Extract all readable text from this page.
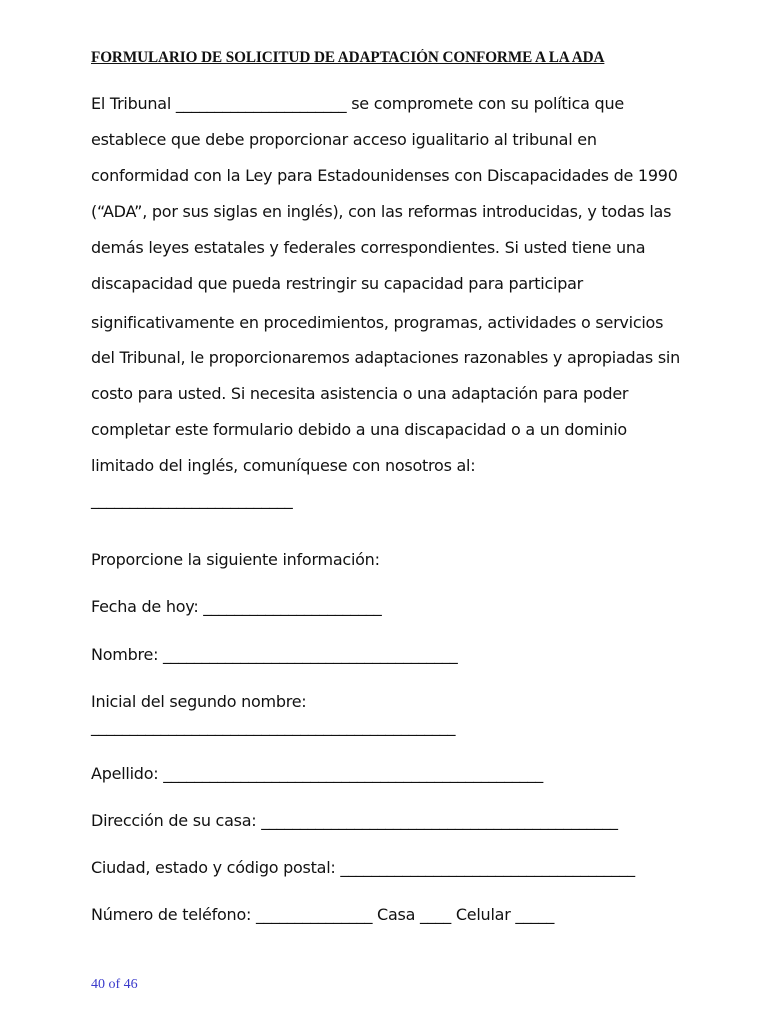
FORMULARIO DE SOLICITUD DE ADAPTACIÓN CONFORME A LA ADA
El Tribunal ______________________ se compromete con su política que
establece que debe proporcionar acceso igualitario al tribunal en
conformidad con la Ley para Estadounidenses con Discapacidades de 1990
(“ADA”, por sus siglas en inglés), con las reformas introducidas, y todas las
demás leyes estatales y federales correspondientes. Si usted tiene una
discapacidad que pueda restringir su capacidad para participar
significativamente en procedimientos, programas, actividades o servicios
del Tribunal, le proporcionaremos adaptaciones razonables y apropiadas sin
costo para usted. Si necesita asistencia o una adaptación para poder
completar este formulario debido a una discapacidad o a un dominio
limitado del inglés, comuníquese con nosotros al:
__________________________
Proporcione la siguiente información:
Fecha de hoy: _______________________
Nombre: ______________________________________
Inicial del segundo nombre:
_______________________________________________
Apellido: _________________________________________________
Dirección de su casa: ______________________________________________
Ciudad, estado y código postal: ______________________________________
Número de teléfono: _______________ Casa ____ Celular _____
40 of 46
